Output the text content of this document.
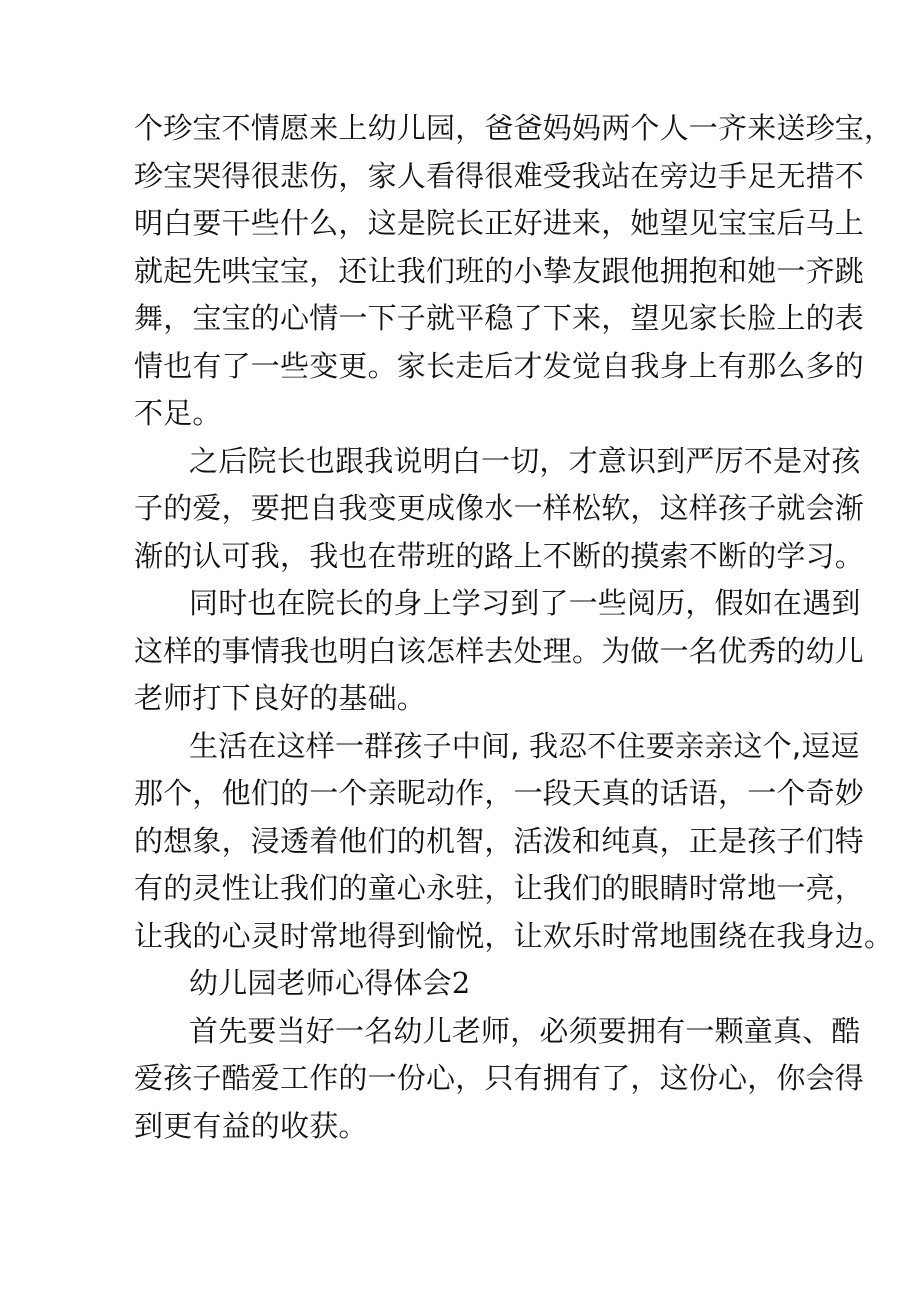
个珍宝不情愿来上幼儿园，爸爸妈妈两个人一齐来送珍宝，
珍宝哭得很悲伤，家人看得很难受我站在旁边手足无措不
明白要干些什么，这是院长正好进来，她望见宝宝后马上
就起先哄宝宝，还让我们班的小挚友跟他拥抱和她一齐跳
舞，宝宝的心情一下子就平稳了下来，望见家长脸上的表
情也有了一些变更。家长走后才发觉自我身上有那么多的
不足。
之后院长也跟我说明白一切，才意识到严厉不是对孩
子的爱，要把自我变更成像水一样松软，这样孩子就会渐
渐的认可我，我也在带班的路上不断的摸索不断的学习。
同时也在院长的身上学习到了一些阅历，假如在遇到
这样的事情我也明白该怎样去处理。为做一名优秀的幼儿
老师打下良好的基础。
生活在这样一群孩子中间, 我忍不住要亲亲这个,逗逗
那个，他们的一个亲昵动作，一段天真的话语，一个奇妙
的想象，浸透着他们的机智，活泼和纯真，正是孩子们特
有的灵性让我们的童心永驻，让我们的眼睛时常地一亮，
让我的心灵时常地得到愉悦，让欢乐时常地围绕在我身边。
幼儿园老师心得体会2
首先要当好一名幼儿老师，必须要拥有一颗童真、酷
爱孩子酷爱工作的一份心，只有拥有了，这份心，你会得
到更有益的收获。
